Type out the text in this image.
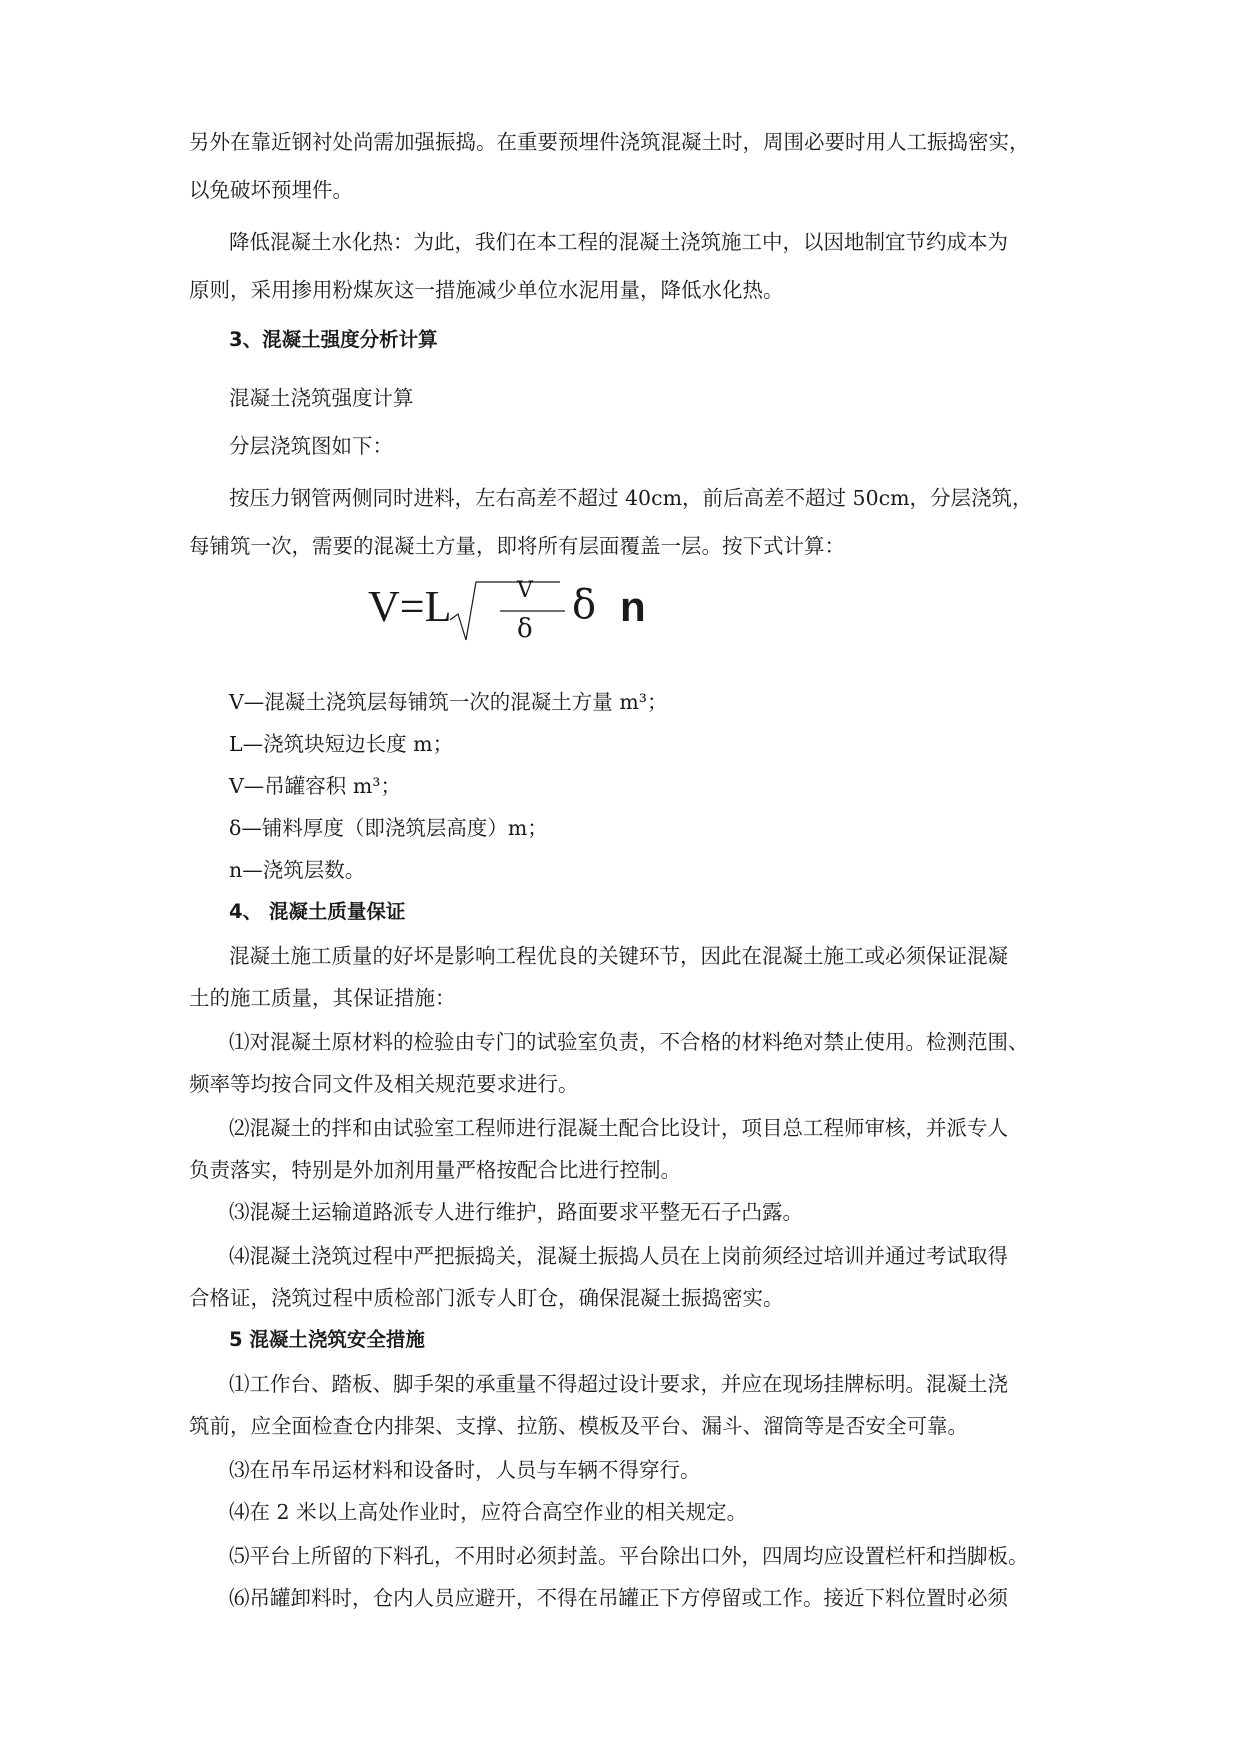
另外在靠近钢衬处尚需加强振捣。在重要预埋件浇筑混凝土时，周围必要时用人工振捣密实，
以免破坏预埋件。
降低混凝土水化热：为此，我们在本工程的混凝土浇筑施工中，以因地制宜节约成本为
原则，采用掺用粉煤灰这一措施减少单位水泥用量，降低水化热。
3、混凝土强度分析计算
混凝土浇筑强度计算
分层浇筑图如下：
按压力钢管两侧同时进料，左右高差不超过 40cm，前后高差不超过 50cm，分层浇筑，
每铺筑一次，需要的混凝土方量，即将所有层面覆盖一层。按下式计算：
V=L	V
δ
δ n
V—混凝土浇筑层每铺筑一次的混凝土方量 m³；
L—浇筑块短边长度 m；
V—吊罐容积 m³；
δ—铺料厚度（即浇筑层高度）m；
n—浇筑层数。
4、 混凝土质量保证
混凝土施工质量的好坏是影响工程优良的关键环节，因此在混凝土施工或必须保证混凝
土的施工质量，其保证措施：
⑴对混凝土原材料的检验由专门的试验室负责，不合格的材料绝对禁止使用。检测范围、
频率等均按合同文件及相关规范要求进行。
⑵混凝土的拌和由试验室工程师进行混凝土配合比设计，项目总工程师审核，并派专人
负责落实，特别是外加剂用量严格按配合比进行控制。
⑶混凝土运输道路派专人进行维护，路面要求平整无石子凸露。
⑷混凝土浇筑过程中严把振捣关，混凝土振捣人员在上岗前须经过培训并通过考试取得
合格证，浇筑过程中质检部门派专人盯仓，确保混凝土振捣密实。
5 混凝土浇筑安全措施
⑴工作台、踏板、脚手架的承重量不得超过设计要求，并应在现场挂牌标明。混凝土浇
筑前，应全面检查仓内排架、支撑、拉筋、模板及平台、漏斗、溜筒等是否安全可靠。
⑶在吊车吊运材料和设备时，人员与车辆不得穿行。
⑷在 2 米以上高处作业时，应符合高空作业的相关规定。
⑸平台上所留的下料孔，不用时必须封盖。平台除出口外，四周均应设置栏杆和挡脚板。
⑹吊罐卸料时，仓内人员应避开，不得在吊罐正下方停留或工作。接近下料位置时必须
